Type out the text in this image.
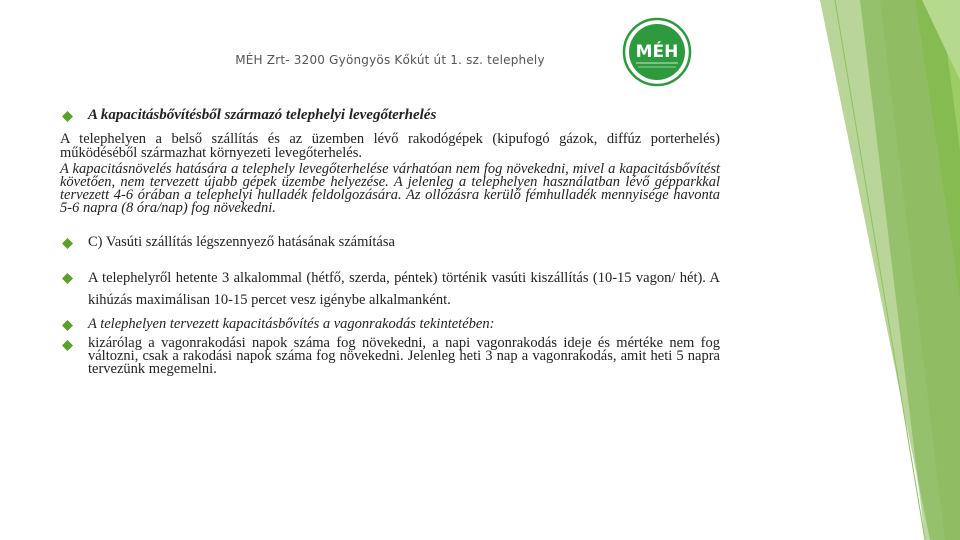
MÉH Zrt- 3200 Gyöngyös Kőkút út 1. sz. telephely	MÉH

A kapacitásbővítésből származó telephelyi levegőterhelés

A telephelyen a belső szállítás és az üzemben lévő rakodógépek (kipufogó gázok, diffúz porterhelés) működéséből származhat környezeti levegőterhelés.

A kapacitásnövelés hatására a telephely levegőterhelése várhatóan nem fog növekedni, mivel a kapacitásbővítést követően, nem tervezett újabb gépek üzembe helyezése. A jelenleg a telephelyen használatban lévő gépparkkal tervezett 4-6 órában a telephelyi hulladék feldolgozására. Az ollózásra kerülő fémhulladék mennyisége havonta 5-6 napra (8 óra/nap) fog növekedni.

C) Vasúti szállítás légszennyező hatásának számítása

A telephelyről hetente 3 alkalommal (hétfő, szerda, péntek) történik vasúti kiszállítás (10-15 vagon/ hét). A kihúzás maximálisan 10-15 percet vesz igénybe alkalmanként.

A telephelyen tervezett kapacitásbővítés a vagonrakodás tekintetében:

kizárólag a vagonrakodási napok száma fog növekedni, a napi vagonrakodás ideje és mértéke nem fog változni, csak a rakodási napok száma fog növekedni. Jelenleg heti 3 nap a vagonrakodás, amit heti 5 napra tervezünk megemelni.
